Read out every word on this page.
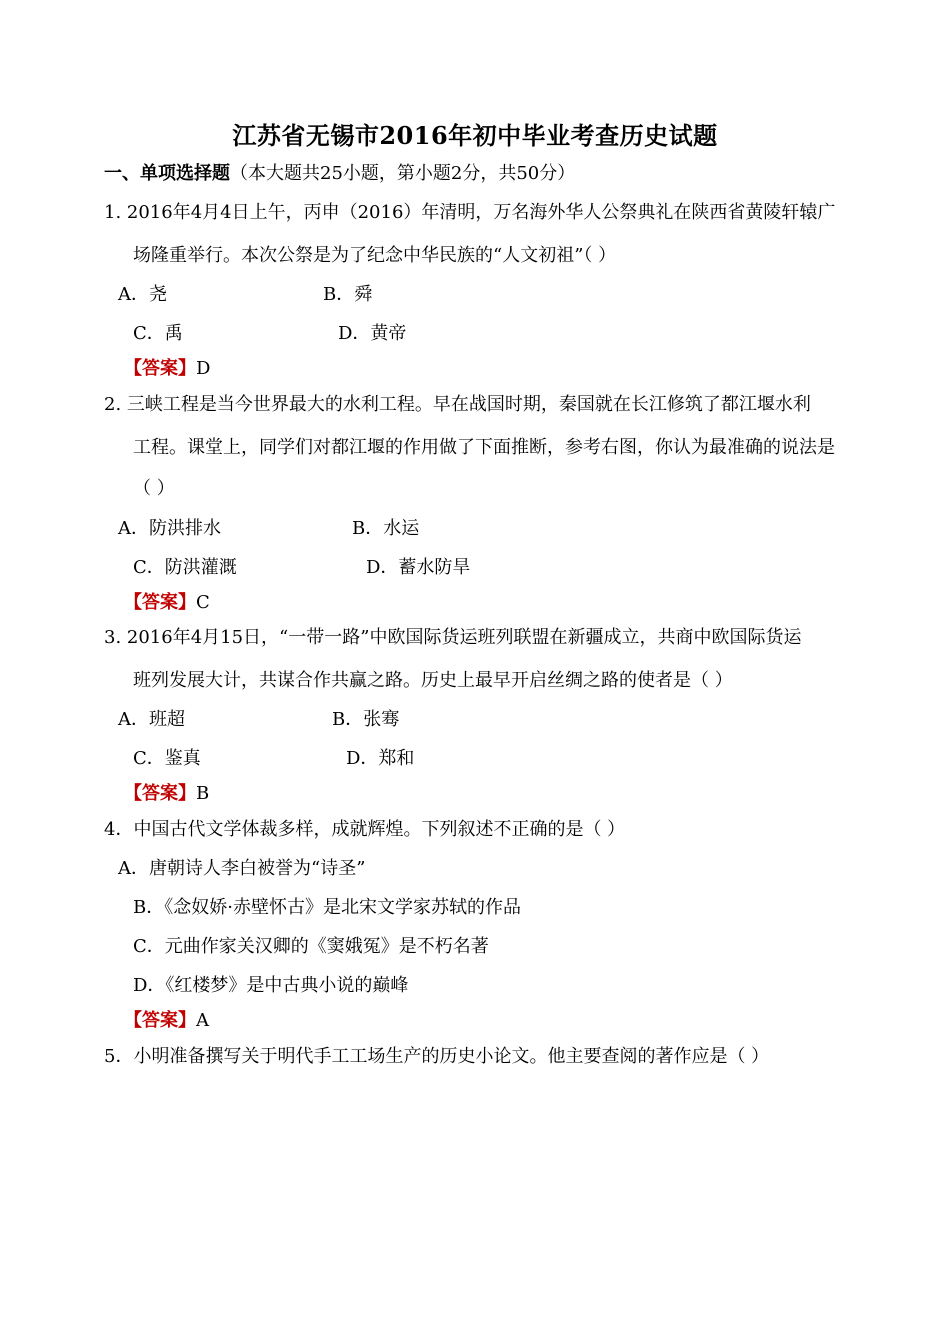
江苏省无锡市2016年初中毕业考查历史试题
一、单项选择题（本大题共25小题，第小题2分，共50分）
1. 2016年4月4日上午，丙申（2016）年清明，万名海外华人公祭典礼在陕西省黄陵轩辕广
场隆重举行。本次公祭是为了纪念中华民族的“人文初祖”（ ）
A．尧	B．舜
C．禹	D．黄帝
【答案】D
2. 三峡工程是当今世界最大的水利工程。早在战国时期，秦国就在长江修筑了都江堰水利
工程。课堂上，同学们对都江堰的作用做了下面推断，参考右图，你认为最准确的说法是
（ ）
A．防洪排水	B．水运
C．防洪灌溉	D．蓄水防旱
【答案】C
3. 2016年4月15日，“一带一路”中欧国际货运班列联盟在新疆成立，共商中欧国际货运
班列发展大计，共谋合作共赢之路。历史上最早开启丝绸之路的使者是（ ）
A．班超	B．张骞
C．鉴真	D．郑和
【答案】B
4．中国古代文学体裁多样，成就辉煌。下列叙述不正确的是（ ）
A．唐朝诗人李白被誉为“诗圣”
B．《念奴娇·赤壁怀古》是北宋文学家苏轼的作品
C．元曲作家关汉卿的《窦娥冤》是不朽名著
D．《红楼梦》是中古典小说的巅峰
【答案】A
5．小明准备撰写关于明代手工工场生产的历史小论文。他主要查阅的著作应是（ ）
